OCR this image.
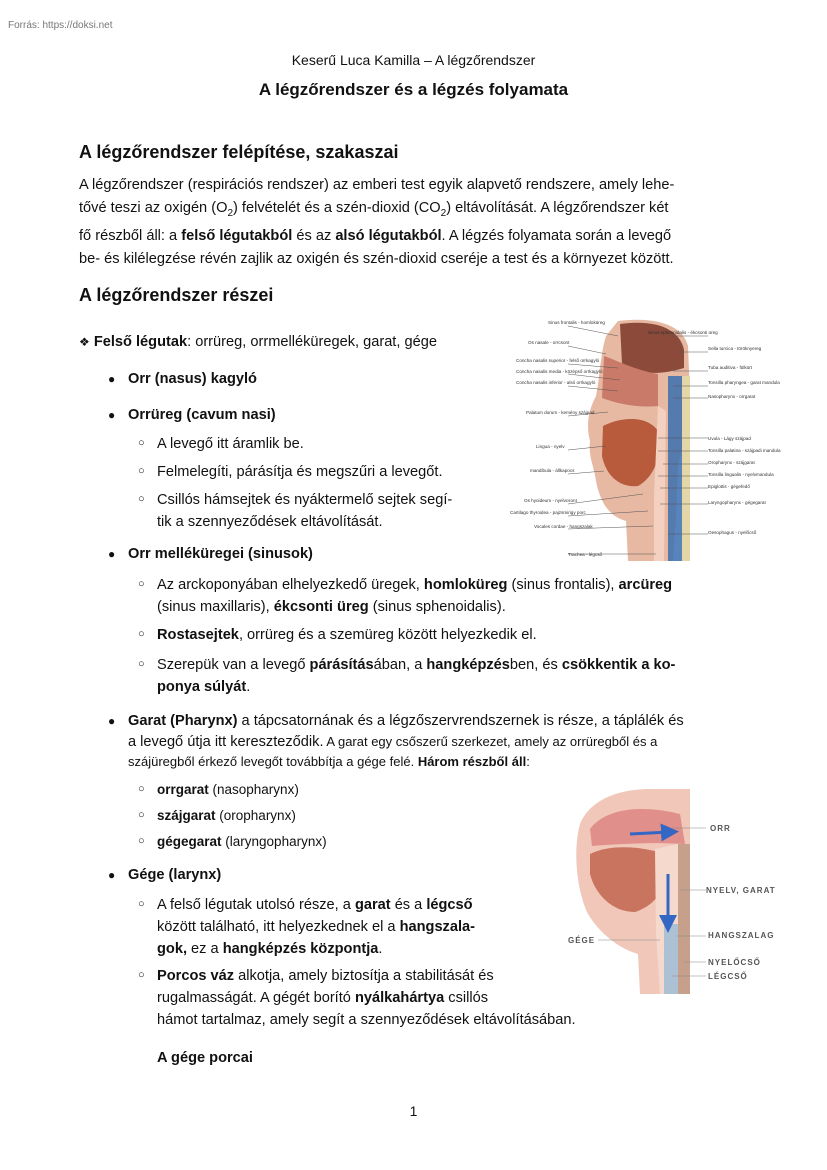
Forrás: https://doksi.net
Keserű Luca Kamilla – A légzőrendszer
A légzőrendszer és a légzés folyamata
A légzőrendszer felépítése, szakaszai
A légzőrendszer (respirációs rendszer) az emberi test egyik alapvető rendszere, amely lehe-
tővé teszi az oxigén $(O_2)$ felvételét és a szén-dioxid $(CO_2)$ eltávolítását. A légzőrendszer két
fő részből áll: a felső légutakból és az alsó légutakból. A légzés folyamata során a levegő
be- és kilélegzése révén zajlik az oxigén és szén-dioxid cseréje a test és a környezet között.
A légzőrendszer részei
❖ Felső légutak: orrüreg, orrmelléküregek, garat, gége
● Orr (nasus) kagyló
● Orrüreg (cavum nasi)
○ A levegő itt áramlik be.
○ Felmelegíti, párásítja és megszűri a levegőt.
○ Csillós hámsejtek és nyáktermelő sejtek segí-
tik a szennyeződések eltávolítását.
● Orr melléküregei (sinusok)
○ Az arckoponyában elhelyezkedő üregek, homloküreg (sinus frontalis), arcüreg
(sinus maxillaris), ékcsonti üreg (sinus sphenoidalis).
○ Rostasejtek, orrüreg és a szemüreg között helyezkedik el.
○ Szerepük van a levegő párásításában, a hangképzésben, és csökkentik a ko-
ponya súlyát.
● Garat (Pharynx) a tápcsatornának és a légzőszervrendszernek is része, a táplálék és
a levegő útja itt kereszteződik. A garat egy csőszerű szerkezet, amely az orrüregből és a
szájüregből érkező levegőt továbbítja a gége felé. Három részből áll:
○ orrgarat (nasopharynx)
○ szájgarat (oropharynx)
○ gégegarat (laryngopharynx)
● Gége (larynx)
○ A felső légutak utolsó része, a garat és a légcső
között található, itt helyezkednek el a hangszala-
gok, ez a hangképzés központja.
○ Porcos váz alkotja, amely biztosítja a stabilitását és
rugalmasságát. A gégét borító nyálkahártya csillós
hámot tartalmaz, amely segít a szennyeződések eltávolításában.
A gége porcai
Sinus frontalis - homloküreg
Os nasale - orrcsont
Concha nasalis superior - felső orrkagyló
Concha nasalis media - középső orrkagyló
Concha nasalis inferior - alsó orrkagyló
Palatum durum - kemény szájpad
Lingua - nyelv
mandibula - állkapocs
Os hyoideum - nyelvcsont
Cartilago thyroidea - pajzsmirigy porc
Vocales cordae - hangszalak
Trachea - légcső
Sinus sphenoidalis - ékcsonti üreg
Sella turcica - töröknyereg
Tuba auditiva - fülkürt
Tonsilla pharyngea - garat mandula
Nasopharynx - orrgarat
Uvula - Lágy szájpad
Tonsilla palatina - szájpadi mandula
Oropharynx - szájgarat
Tonsilla lingualis - nyelvmandula
Epiglottis - gégefedő
Laryngopharynx - gégegarat
Oesophagus - nyelőcső
ORR
NYELV, GARAT
HANGSZALAG
NYELŐCSŐ
LÉGCSŐ
GÉGE
1
